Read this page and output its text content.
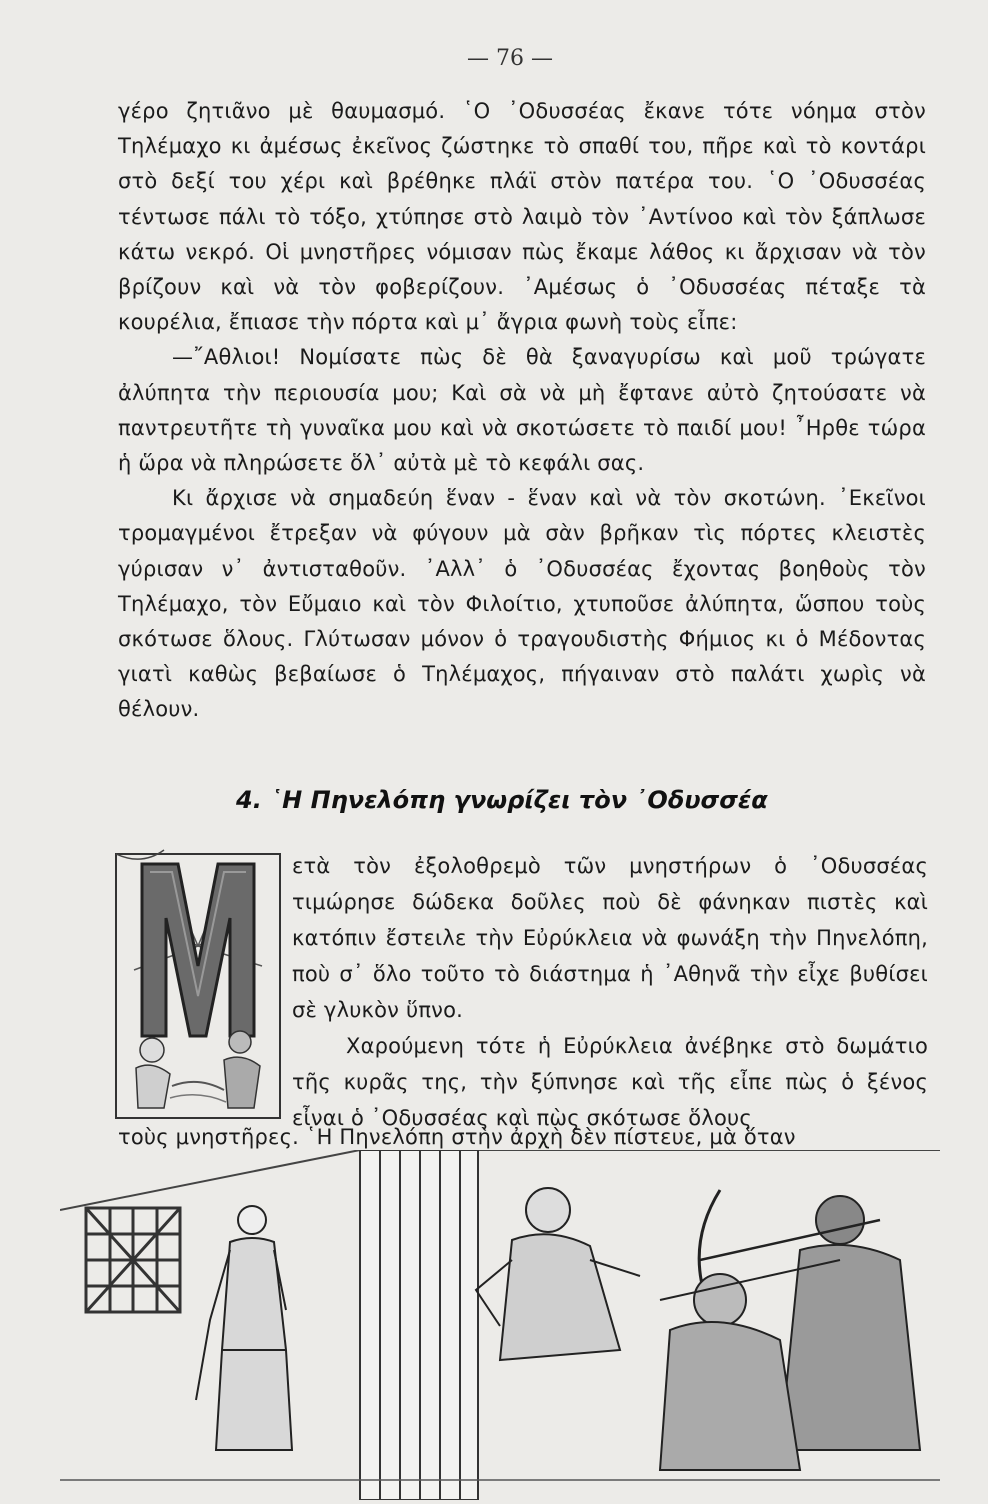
— 76 —

γέρο ζητιᾶνο μὲ θαυμασμό. ῾Ο ᾿Οδυσσέας ἔκανε τότε νόημα στὸν Τηλέμαχο κι ἀμέσως ἐκεῖνος ζώστηκε τὸ σπαθί του, πῆρε καὶ τὸ κοντάρι στὸ δεξί του χέρι καὶ βρέθηκε πλάϊ στὸν πατέρα του. ῾Ο ᾿Οδυσσέας τέντωσε πάλι τὸ τόξο, χτύπησε στὸ λαιμὸ τὸν ᾿Αντίνοο καὶ τὸν ξάπλωσε κάτω νεκρό. Οἱ μνηστῆρες νόμισαν πὼς ἔκαμε λάθος κι ἄρχισαν νὰ τὸν βρίζουν καὶ νὰ τὸν φοβερίζουν. ᾿Αμέσως ὁ ᾿Οδυσσέας πέταξε τὰ κουρέλια, ἔπιασε τὴν πόρτα καὶ μ᾿ ἄγρια φωνὴ τοὺς εἶπε:

—῎Αθλιοι! Νομίσατε πὼς δὲ θὰ ξαναγυρίσω καὶ μοῦ τρώγατε ἀλύπητα τὴν περιουσία μου; Καὶ σὰ νὰ μὴ ἔφτανε αὐτὸ ζητούσατε νὰ παντρευτῆτε τὴ γυναῖκα μου καὶ νὰ σκοτώσετε τὸ παιδί μου! ῏Ηρθε τώρα ἡ ὥρα νὰ πληρώσετε ὅλ᾿ αὐτὰ μὲ τὸ κεφάλι σας.

Κι ἄρχισε νὰ σημαδεύη ἕναν - ἕναν καὶ νὰ τὸν σκοτώνη. ᾿Εκεῖνοι τρομαγμένοι ἔτρεξαν νὰ φύγουν μὰ σὰν βρῆκαν τὶς πόρτες κλειστὲς γύρισαν ν᾿ ἀντισταθοῦν. ᾿Αλλ᾿ ὁ ᾿Οδυσσέας ἔχοντας βοηθοὺς τὸν Τηλέμαχο, τὸν Εὔμαιο καὶ τὸν Φιλοίτιο, χτυποῦσε ἀλύπητα, ὥσπου τοὺς σκότωσε ὅλους. Γλύτωσαν μόνον ὁ τραγουδιστὴς Φήμιος κι ὁ Μέδοντας γιατὶ καθὼς βεβαίωσε ὁ Τηλέμαχος, πήγαιναν στὸ παλάτι χωρὶς νὰ θέλουν.

4. ῾Η Πηνελόπη γνωρίζει τὸν ᾿Οδυσσέα

ετὰ τὸν ἐξολοθρεμὸ τῶν μνηστήρων ὁ ᾿Οδυσσέας τιμώρησε δώδεκα δοῦλες ποὺ δὲ φάνηκαν πιστὲς καὶ κατόπιν ἔστειλε τὴν Εὐρύκλεια νὰ φωνάξη τὴν Πηνελόπη, ποὺ σ᾿ ὅλο τοῦτο τὸ διάστημα ἡ ᾿Αθηνᾶ τὴν εἶχε βυθίσει σὲ γλυκὸν ὕπνο.

Χαρούμενη τότε ἡ Εὐρύκλεια ἀνέβηκε στὸ δωμάτιο τῆς κυρᾶς της, τὴν ξύπνησε καὶ τῆς εἶπε πὼς ὁ ξένος εἶναι ὁ ᾿Οδυσσέας καὶ πὼς σκότωσε ὅλους

τοὺς μνηστῆρες. ῾Η Πηνελόπη στὴν ἀρχὴ δὲν πίστευε, μὰ ὅταν
